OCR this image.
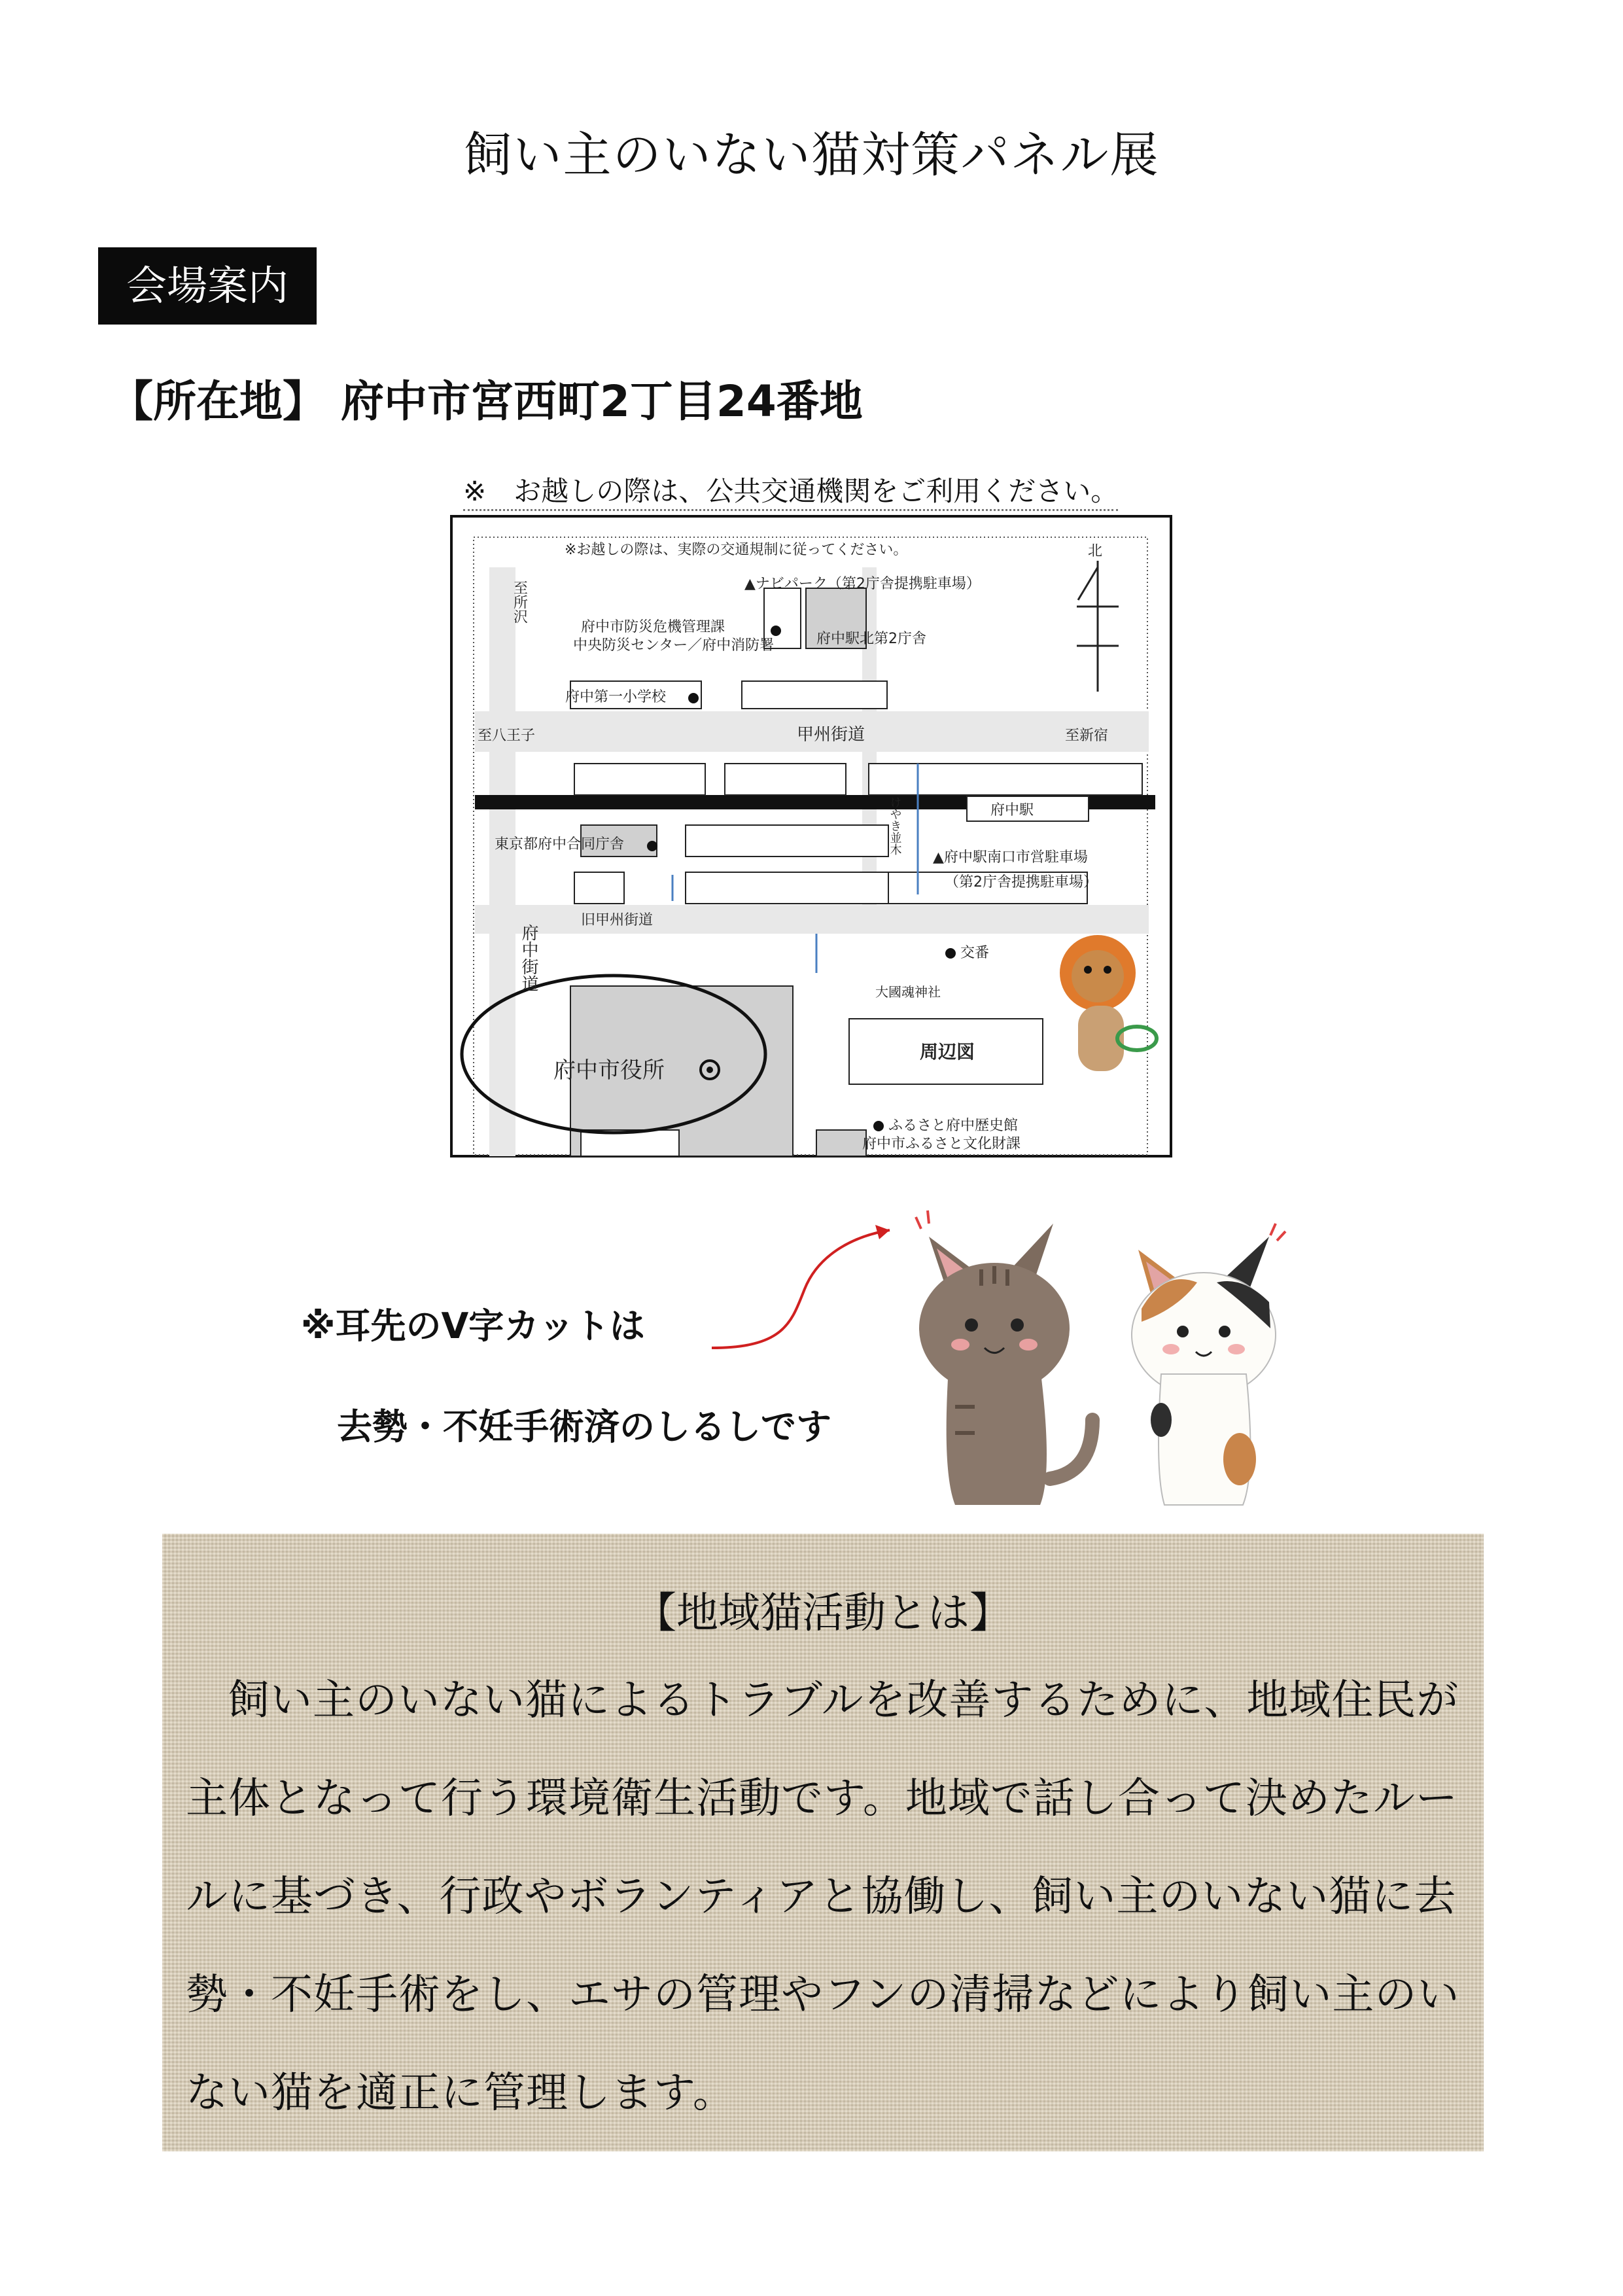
飼い主のいない猫対策パネル展
会場案内
【所在地】 府中市宮西町2丁目24番地
※　お越しの際は、公共交通機関をご利用ください。
※お越しの際は、実際の交通規制に従ってください。	北
▲ナビパーク（第2庁舎提携駐車場）
府中市防災危機管理課
中央防災センター／府中消防署	府中駅北第2庁舎
府中第一小学校
至八王子	甲州街道	至新宿
府中駅
東京都府中合同庁舎
▲府中駅南口市営駐車場
（第2庁舎提携駐車場）
旧甲州街道
交番
大國魂神社
周辺図
府中市役所
ふるさと府中歴史館
府中市ふるさと文化財課
至所沢
けやき並木
府中街道
※耳先のV字カットは
去勢・不妊手術済のしるしです
【地域猫活動とは】
飼い主のいない猫によるトラブルを改善するために、地域住民が主体となって行う環境衛生活動です。地域で話し合って決めたルールに基づき、行政やボランティアと協働し、飼い主のいない猫に去勢・不妊手術をし、エサの管理やフンの清掃などにより飼い主のいない猫を適正に管理します。
